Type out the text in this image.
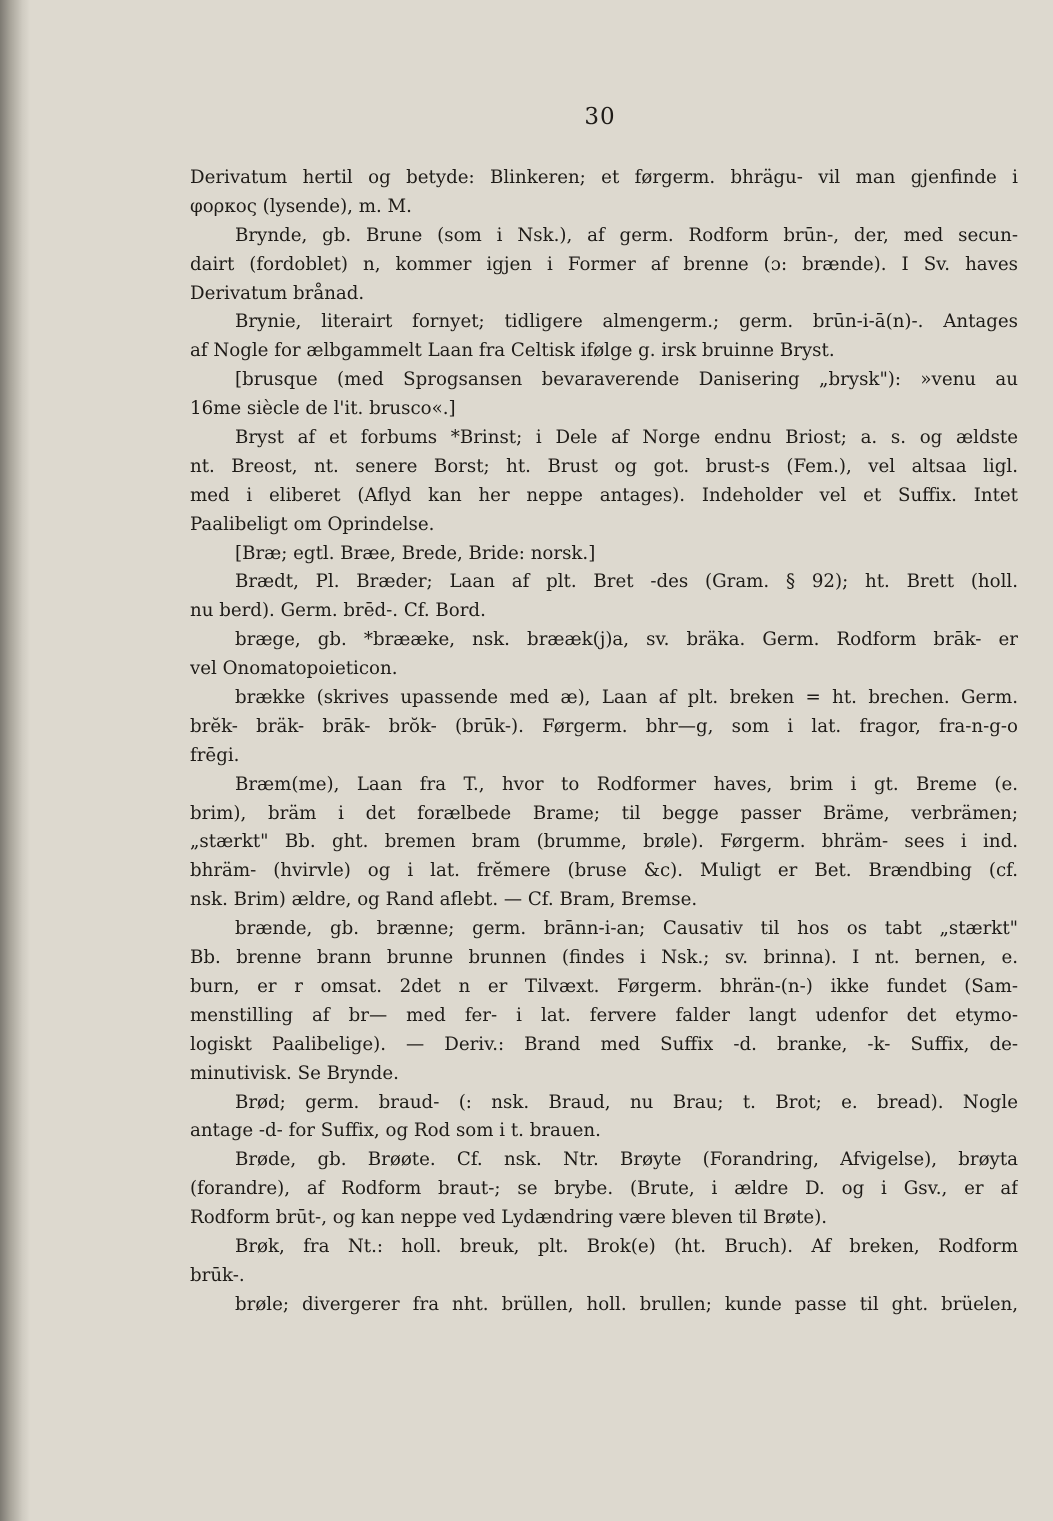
30
Derivatum hertil og betyde: Blinkeren; et førgerm. bhrägu- vil man gjenfinde i
φορκος (lysende), m. M.
Brynde, gb. Brune (som i Nsk.), af germ. Rodform brūn-, der, med secun-
dairt (fordoblet) n, kommer igjen i Former af brenne (ɔ: brænde). I Sv. haves
Derivatum brånad.
Brynie, literairt fornyet; tidligere almengerm.; germ. brūn-i-ā(n)-. Antages
af Nogle for ælbgammelt Laan fra Celtisk ifølge g. irsk bruinne Bryst.
[brusque (med Sprogsansen bevaraverende Danisering „brysk"): »venu au
16me siècle de l'it. brusco«.]
Bryst af et forbums *Brinst; i Dele af Norge endnu Briost; a. s. og ældste
nt. Breost, nt. senere Borst; ht. Brust og got. brust-s (Fem.), vel altsaa ligl.
med i eliberet (Aflyd kan her neppe antages). Indeholder vel et Suffix. Intet
Paalibeligt om Oprindelse.
[Bræ; egtl. Bræe, Brede, Bride: norsk.]
Brædt, Pl. Bræder; Laan af plt. Bret -des (Gram. § 92); ht. Brett (holl.
nu berd). Germ. brēd-. Cf. Bord.
bræge, gb. *brææke, nsk. brææk(j)a, sv. bräka. Germ. Rodform brāk- er
vel Onomatopoieticon.
brække (skrives upassende med æ), Laan af plt. breken = ht. brechen. Germ.
brĕk- bräk- brāk- brŏk- (brūk-). Førgerm. bhr—g, som i lat. fragor, fra-n-g-o
frēgi.
Bræm(me), Laan fra T., hvor to Rodformer haves, brim i gt. Breme (e.
brim), bräm i det forælbede Brame; til begge passer Bräme, verbrämen;
„stærkt" Bb. ght. bremen bram (brumme, brøle). Førgerm. bhräm- sees i ind.
bhräm- (hvirvle) og i lat. frĕmere (bruse &c). Muligt er Bet. Brændbing (cf.
nsk. Brim) ældre, og Rand aflebt. — Cf. Bram, Bremse.
brænde, gb. brænne; germ. brānn-i-an; Causativ til hos os tabt „stærkt"
Bb. brenne brann brunne brunnen (findes i Nsk.; sv. brinna). I nt. bernen, e.
burn, er r omsat. 2det n er Tilvæxt. Førgerm. bhrän-(n-) ikke fundet (Sam-
menstilling af br— med fer- i lat. fervere falder langt udenfor det etymo-
logiskt Paalibelige). — Deriv.: Brand med Suffix -d. branke, -k- Suffix, de-
minutivisk. Se Brynde.
Brød; germ. braud- (: nsk. Braud, nu Brau; t. Brot; e. bread). Nogle
antage -d- for Suffix, og Rod som i t. brauen.
Brøde, gb. Brøøte. Cf. nsk. Ntr. Brøyte (Forandring, Afvigelse), brøyta
(forandre), af Rodform braut-; se brybe. (Brute, i ældre D. og i Gsv., er af
Rodform brūt-, og kan neppe ved Lydændring være bleven til Brøte).
Brøk, fra Nt.: holl. breuk, plt. Brok(e) (ht. Bruch). Af breken, Rodform
brūk-.
brøle; divergerer fra nht. brüllen, holl. brullen; kunde passe til ght. brüelen,
